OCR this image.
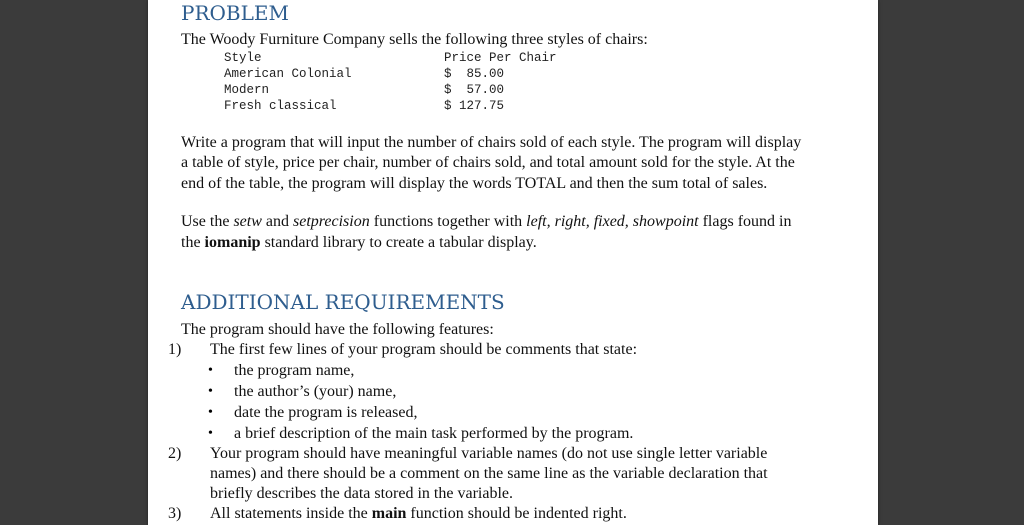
PROBLEM
The Woody Furniture Company sells the following three styles of chairs:
Style	Price Per Chair
American Colonial	$  85.00
Modern	$  57.00
Fresh classical	$ 127.75
Write a program that will input the number of chairs sold of each style. The program will display
a table of style, price per chair, number of chairs sold, and total amount sold for the style. At the
end of the table, the program will display the words TOTAL and then the sum total of sales.
Use the setw and setprecision functions together with left, right, fixed, showpoint flags found in
the iomanip standard library to create a tabular display.
ADDITIONAL REQUIREMENTS
The program should have the following features:
1) The first few lines of your program should be comments that state:
• the program name,
• the author’s (your) name,
• date the program is released,
• a brief description of the main task performed by the program.
2) Your program should have meaningful variable names (do not use single letter variable
names) and there should be a comment on the same line as the variable declaration that
briefly describes the data stored in the variable.
3) All statements inside the main function should be indented right.
